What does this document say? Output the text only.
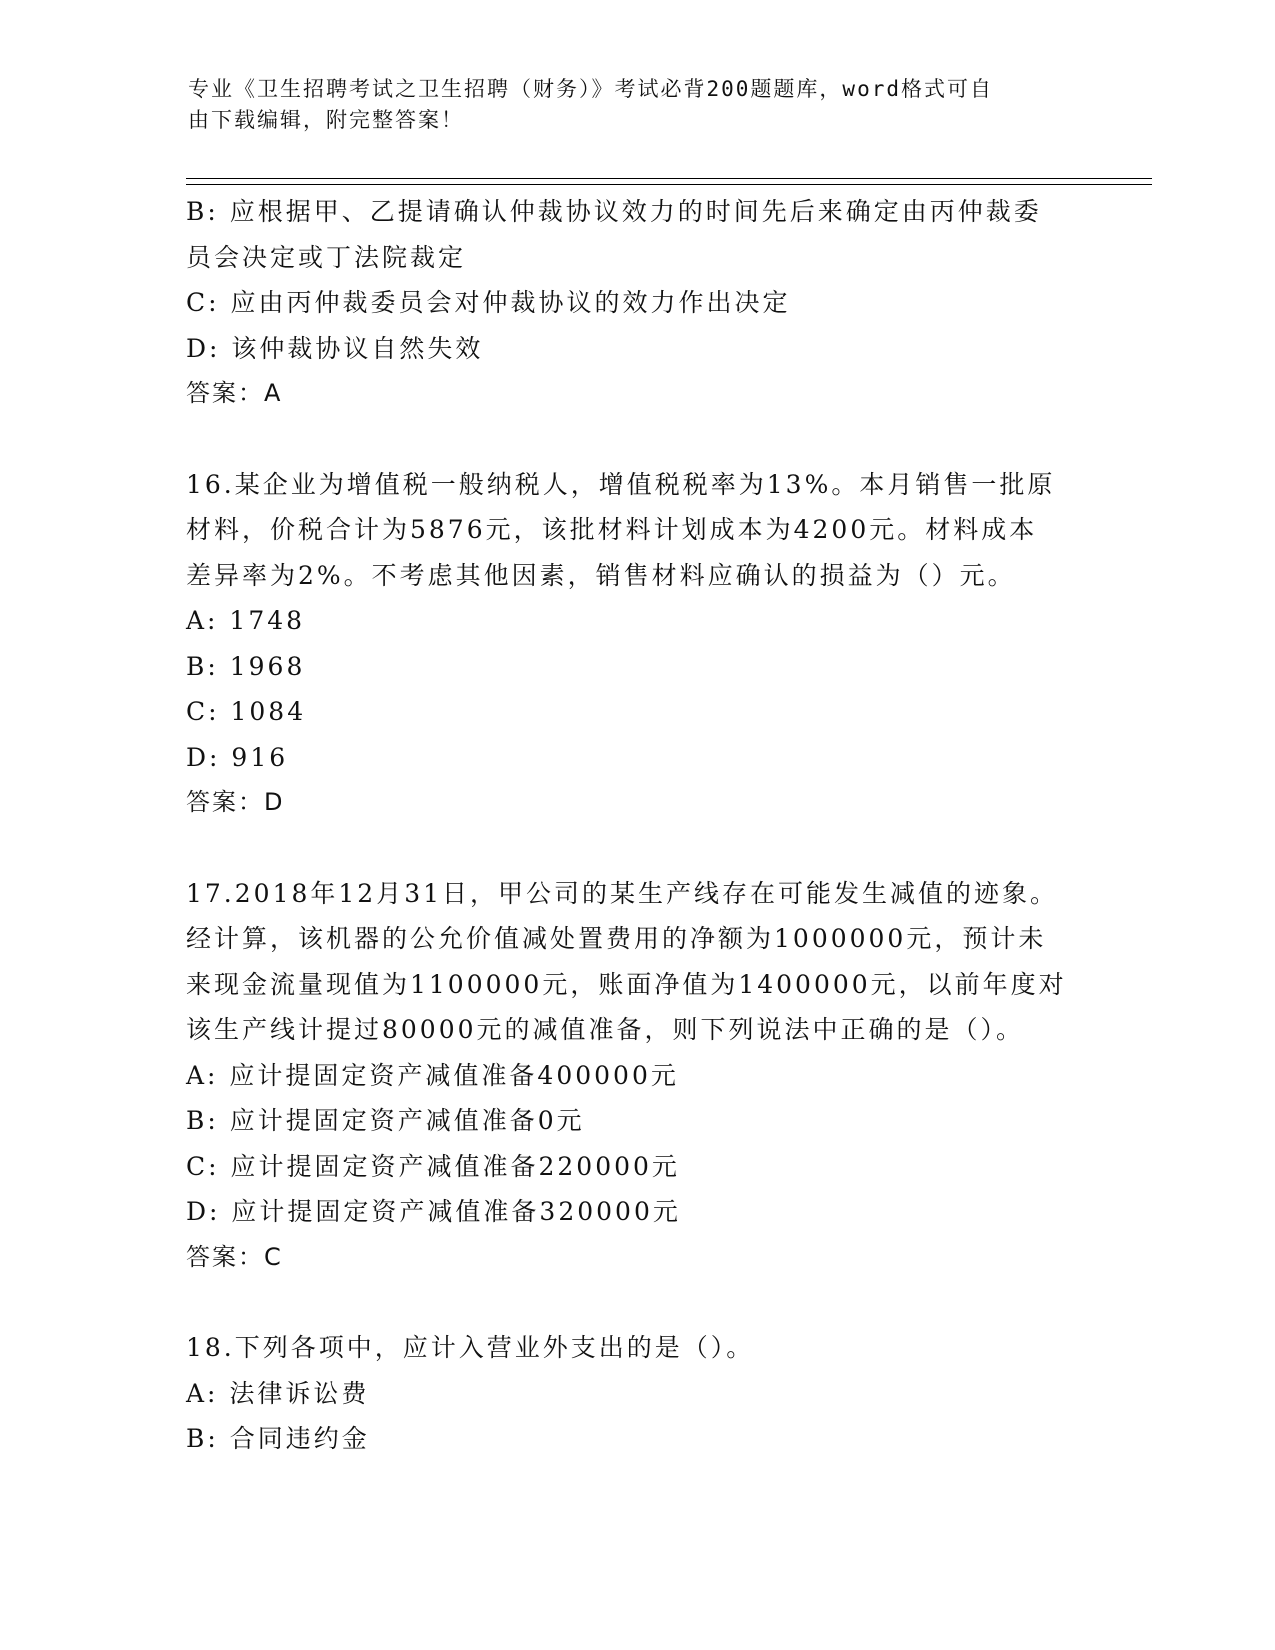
专业《卫生招聘考试之卫生招聘（财务）》考试必背200题题库，word格式可自
由下载编辑，附完整答案！
B: 应根据甲、乙提请确认仲裁协议效力的时间先后来确定由丙仲裁委
员会决定或丁法院裁定
C: 应由丙仲裁委员会对仲裁协议的效力作出决定
D: 该仲裁协议自然失效
答案：A
16.某企业为增值税一般纳税人，增值税税率为13%。本月销售一批原
材料，价税合计为5876元，该批材料计划成本为4200元。材料成本
差异率为2%。不考虑其他因素，销售材料应确认的损益为（）元。
A: 1748
B: 1968
C: 1084
D: 916
答案：D
17.2018年12月31日，甲公司的某生产线存在可能发生减值的迹象。
经计算，该机器的公允价值减处置费用的净额为1000000元，预计未
来现金流量现值为1100000元，账面净值为1400000元，以前年度对
该生产线计提过80000元的减值准备，则下列说法中正确的是（）。
A: 应计提固定资产减值准备400000元
B: 应计提固定资产减值准备0元
C: 应计提固定资产减值准备220000元
D: 应计提固定资产减值准备320000元
答案：C
18.下列各项中，应计入营业外支出的是（）。
A: 法律诉讼费
B: 合同违约金
